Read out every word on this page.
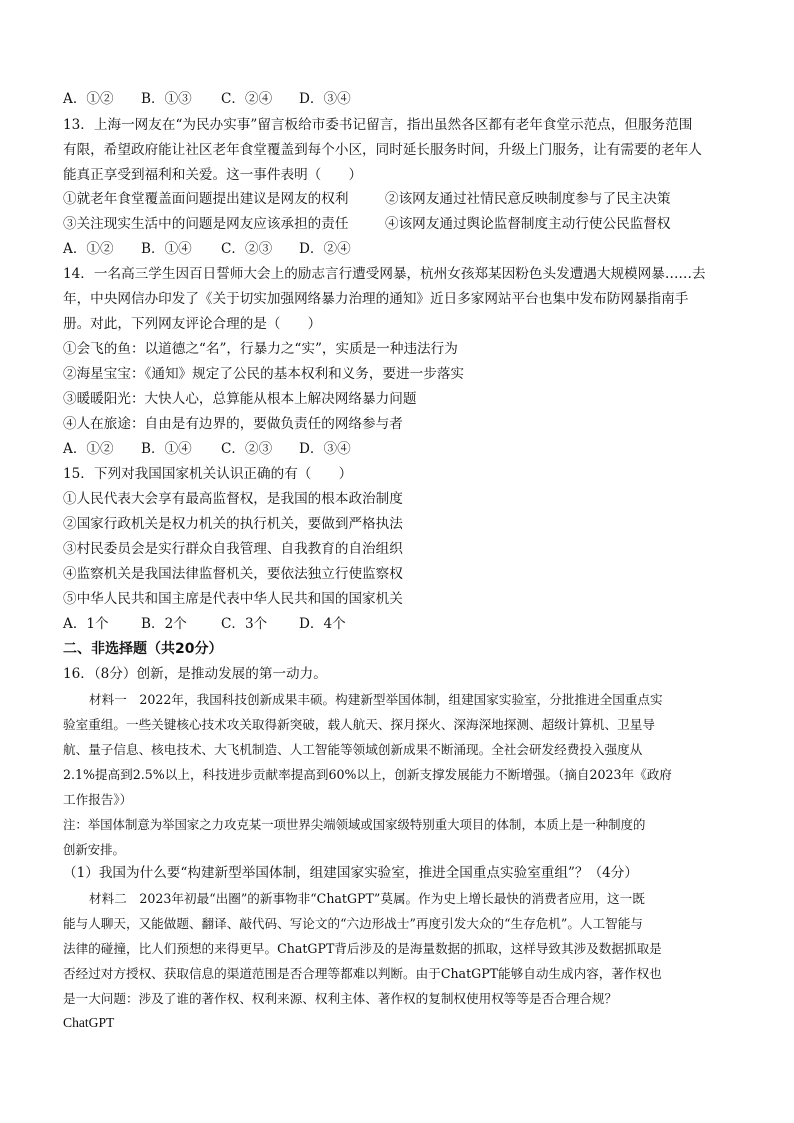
A．①② B．①③ C．②④ D．③④
13．上海一网友在“为民办实事”留言板给市委书记留言，指出虽然各区都有老年食堂示范点，但服务范围
有限，希望政府能让社区老年食堂覆盖到每个小区，同时延长服务时间，升级上门服务，让有需要的老年人
能真正享受到福利和关爱。这一事件表明（　　）
①就老年食堂覆盖面问题提出建议是网友的权利	②该网友通过社情民意反映制度参与了民主决策
③关注现实生活中的问题是网友应该承担的责任	④该网友通过舆论监督制度主动行使公民监督权
A．①② B．①④ C．②③ D．②④
14．一名高三学生因百日誓师大会上的励志言行遭受网暴，杭州女孩郑某因粉色头发遭遇大规模网暴……去
年，中央网信办印发了《关于切实加强网络暴力治理的通知》近日多家网站平台也集中发布防网暴指南手
册。对此，下列网友评论合理的是（　　）
①会飞的鱼：以道德之“名”，行暴力之“实”，实质是一种违法行为
②海星宝宝：《通知》规定了公民的基本权利和义务，要进一步落实
③暖暖阳光：大快人心，总算能从根本上解决网络暴力问题
④人在旅途：自由是有边界的，要做负责任的网络参与者
A．①② B．①④ C．②③ D．③④
15．下列对我国国家机关认识正确的有（　　）
①人民代表大会享有最高监督权，是我国的根本政治制度
②国家行政机关是权力机关的执行机关，要做到严格执法
③村民委员会是实行群众自我管理、自我教育的自治组织
④监察机关是我国法律监督机关，要依法独立行使监察权
⑤中华人民共和国主席是代表中华人民共和国的国家机关
A．1个 B．2个	C．3个 D．4个
二、非选择题（共20分）
16．（8分）创新，是推动发展的第一动力。
材料一　2022年，我国科技创新成果丰硕。构建新型举国体制，组建国家实验室，分批推进全国重点实
验室重组。一些关键核心技术攻关取得新突破，载人航天、探月探火、深海深地探测、超级计算机、卫星导
航、量子信息、核电技术、大飞机制造、人工智能等领域创新成果不断涌现。全社会研发经费投入强度从
2.1%提高到2.5%以上，科技进步贡献率提高到60%以上，创新支撑发展能力不断增强。（摘自2023年《政府
工作报告》）
注：举国体制意为举国家之力攻克某一项世界尖端领域或国家级特别重大项目的体制，本质上是一种制度的
创新安排。
（1）我国为什么要“构建新型举国体制，组建国家实验室，推进全国重点实验室重组”？（4分）
材料二　2023年初最“出圈”的新事物非“ChatGPT”莫属。作为史上增长最快的消费者应用，这一既
能与人聊天，又能做题、翻译、敲代码、写论文的“六边形战士”再度引发大众的“生存危机”。人工智能与
法律的碰撞，比人们预想的来得更早。ChatGPT背后涉及的是海量数据的抓取，这样导致其涉及数据抓取是
否经过对方授权、获取信息的渠道范围是否合理等都难以判断。由于ChatGPT能够自动生成内容，著作权也
是一大问题：涉及了谁的著作权、权利来源、权利主体、著作权的复制权使用权等等是否合理合规？
ChatGPT
